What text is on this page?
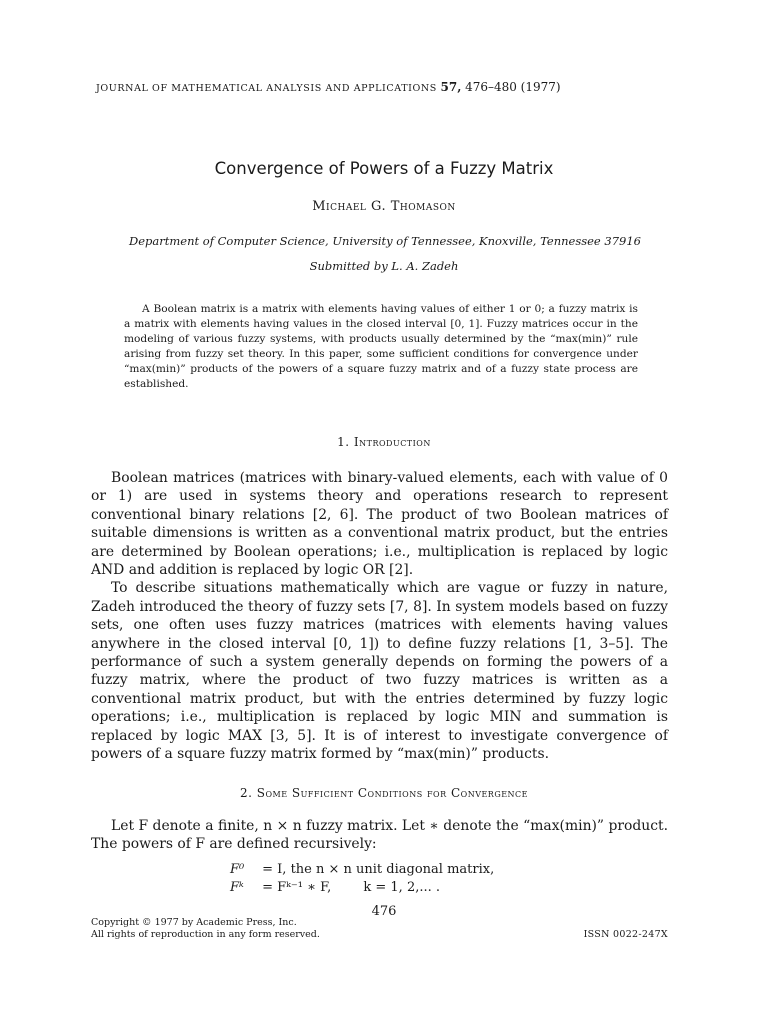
JOURNAL OF MATHEMATICAL ANALYSIS AND APPLICATIONS 57, 476–480 (1977)
Convergence of Powers of a Fuzzy Matrix
Michael G. Thomason
Department of Computer Science, University of Tennessee, Knoxville, Tennessee 37916
Submitted by L. A. Zadeh

A Boolean matrix is a matrix with elements having values of either 1 or 0; a fuzzy matrix is a matrix with elements having values in the closed interval [0, 1]. Fuzzy matrices occur in the modeling of various fuzzy systems, with products usually determined by the “max(min)” rule arising from fuzzy set theory. In this paper, some sufficient conditions for convergence under “max(min)” products of the powers of a square fuzzy matrix and of a fuzzy state process are established.

1. Introduction

Boolean matrices (matrices with binary-valued elements, each with value of 0 or 1) are used in systems theory and operations research to represent conventional binary relations [2, 6]. The product of two Boolean matrices of suitable dimensions is written as a conventional matrix product, but the entries are determined by Boolean operations; i.e., multiplication is replaced by logic AND and addition is replaced by logic OR [2].

To describe situations mathematically which are vague or fuzzy in nature, Zadeh introduced the theory of fuzzy sets [7, 8]. In system models based on fuzzy sets, one often uses fuzzy matrices (matrices with elements having values anywhere in the closed interval [0, 1]) to define fuzzy relations [1, 3–5]. The performance of such a system generally depends on forming the powers of a fuzzy matrix, where the product of two fuzzy matrices is written as a conventional matrix product, but with the entries determined by fuzzy logic operations; i.e., multiplication is replaced by logic MIN and summation is replaced by logic MAX [3, 5]. It is of interest to investigate convergence of powers of a square fuzzy matrix formed by “max(min)” products.

2. Some Sufficient Conditions for Convergence

Let F denote a finite, n × n fuzzy matrix. Let ∗ denote the “max(min)” product. The powers of F are defined recursively:

F⁰ = I, the n × n unit diagonal matrix,
Fᵏ = Fᵏ⁻¹ ∗ F, k = 1, 2,... .
476
Copyright © 1977 by Academic Press, Inc.
All rights of reproduction in any form reserved.	ISSN 0022-247X
